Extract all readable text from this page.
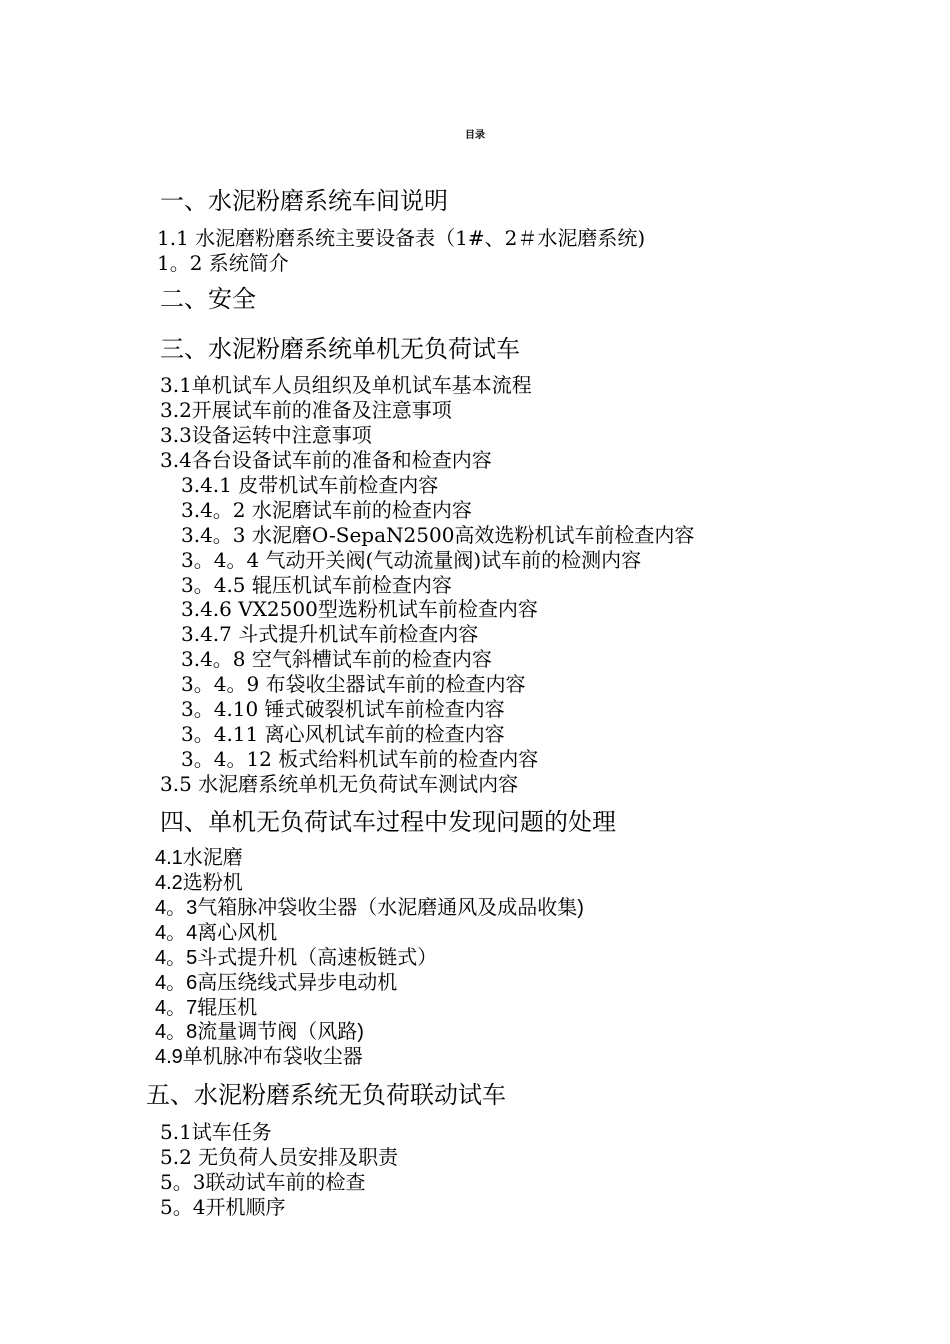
目录
一、水泥粉磨系统车间说明
1.1 水泥磨粉磨系统主要设备表（1#、2＃水泥磨系统)
1。2 系统简介
二、安全
三、水泥粉磨系统单机无负荷试车
3.1单机试车人员组织及单机试车基本流程
3.2开展试车前的准备及注意事项
3.3设备运转中注意事项
3.4各台设备试车前的准备和检查内容
3.4.1 皮带机试车前检查内容
3.4。2 水泥磨试车前的检查内容
3.4。3 水泥磨O-SepaN2500高效选粉机试车前检查内容
3。4。4 气动开关阀(气动流量阀)试车前的检测内容
3。4.5 辊压机试车前检查内容
3.4.6 VX2500型选粉机试车前检查内容
3.4.7 斗式提升机试车前检查内容
3.4。8 空气斜槽试车前的检查内容
3。4。9 布袋收尘器试车前的检查内容
3。4.10 锤式破裂机试车前检查内容
3。4.11 离心风机试车前的检查内容
3。4。12 板式给料机试车前的检查内容
3.5 水泥磨系统单机无负荷试车测试内容
四、单机无负荷试车过程中发现问题的处理
4.1水泥磨
4.2选粉机
4。3气箱脉冲袋收尘器（水泥磨通风及成品收集)
4。4离心风机
4。5斗式提升机（高速板链式）
4。6高压绕线式异步电动机
4。7辊压机
4。8流量调节阀（风路)
4.9单机脉冲布袋收尘器
五、水泥粉磨系统无负荷联动试车
5.1试车任务
5.2 无负荷人员安排及职责
5。3联动试车前的检查
5。4开机顺序
